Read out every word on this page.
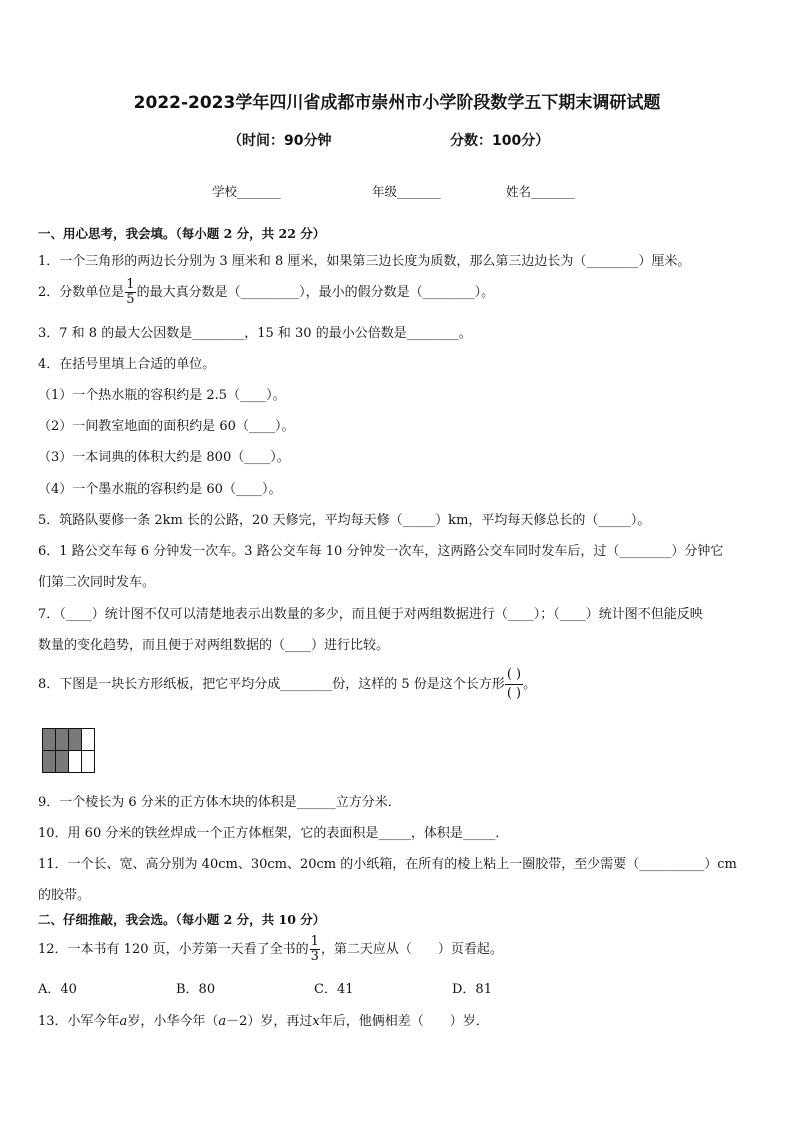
2022-2023学年四川省成都市崇州市小学阶段数学五下期末调研试题
（时间：90分钟	分数：100分）
学校_______	年级_______	姓名_______
一、用心思考，我会填。（每小题 2 分，共 22 分）
1．一个三角形的两边长分别为 3 厘米和 8 厘米，如果第三边长度为质数，那么第三边边长为（________）厘米。
2．分数单位是 $\frac{1}{5}$ 的最大真分数是（_________），最小的假分数是（________）。
3．7 和 8 的最大公因数是________，15 和 30 的最小公倍数是________。
4．在括号里填上合适的单位。
（1）一个热水瓶的容积约是 2.5（____）。
（2）一间教室地面的面积约是 60（____）。
（3）一本词典的体积大约是 800（____）。
（4）一个墨水瓶的容积约是 60（____）。
5．筑路队要修一条 2km 长的公路，20 天修完，平均每天修（_____）km，平均每天修总长的（_____）。
6．1 路公交车每 6 分钟发一次车。3 路公交车每 10 分钟发一次车，这两路公交车同时发车后，过（________）分钟它
们第二次同时发车。
7．（____）统计图不仅可以清楚地表示出数量的多少，而且便于对两组数据进行（____）；（____）统计图不但能反映
数量的变化趋势，而且便于对两组数据的（____）进行比较。
8．下图是一块长方形纸板，把它平均分成________份，这样的 5 份是这个长方形 $\frac{( )}{( )}$ 。

9．一个棱长为 6 分米的正方体木块的体积是______立方分米．
10．用 60 分米的铁丝焊成一个正方体框架，它的表面积是_____，体积是_____．
11．一个长、宽、高分别为 40cm、30cm、20cm 的小纸箱，在所有的棱上粘上一圈胶带，至少需要（__________）cm
的胶带。
二、仔细推敲，我会选。（每小题 2 分，共 10 分）
12．一本书有 120 页，小芳第一天看了全书的 $\frac{1}{3}$ ，第二天应从（　　）页看起。
A．40	B．80	C．41	D．81
13．小军今年a岁，小华今年（a－2）岁，再过x年后，他俩相差（　　）岁．
